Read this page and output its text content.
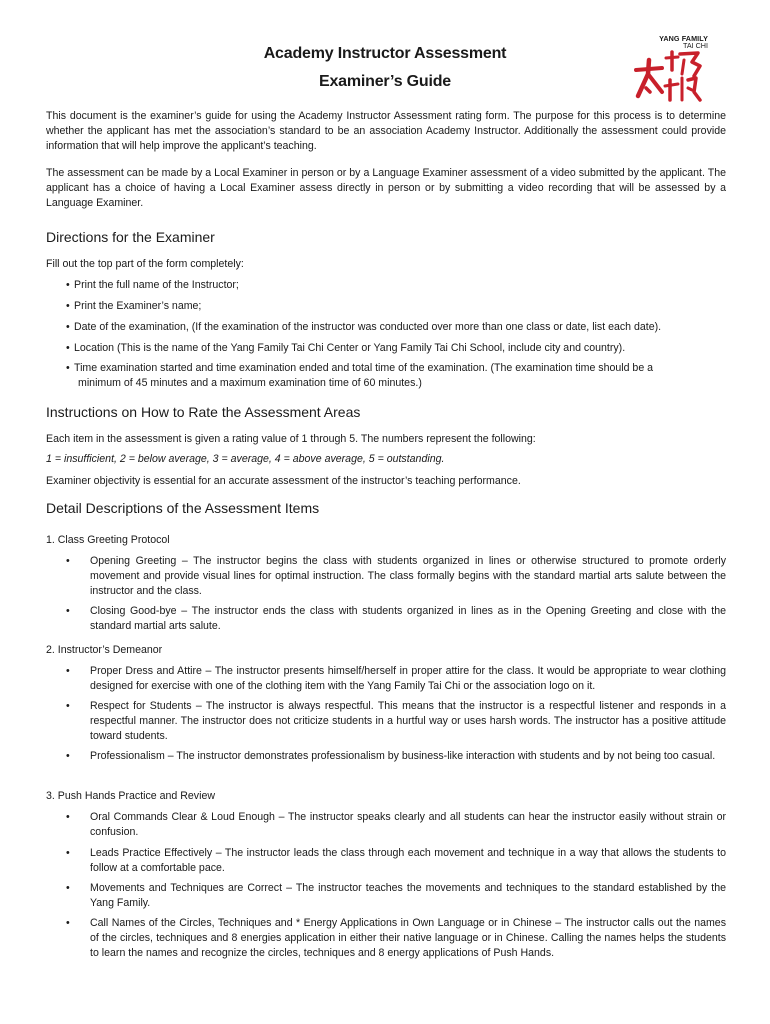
YANG FAMILY
TAI CHI
Academy Instructor Assessment
Examiner’s Guide

This document is the examiner’s guide for using the Academy Instructor Assessment rating form. The purpose for this process is to determine whether the applicant has met the association’s standard to be an association Academy Instructor. Additionally the assessment could provide information that will help improve the applicant’s teaching.

The assessment can be made by a Local Examiner in person or by a Language Examiner assessment of a video submitted by the applicant. The applicant has a choice of having a Local Examiner assess directly in person or by submitting a video recording that will be assessed by a Language Examiner.

Directions for the Examiner
Fill out the top part of the form completely:
• Print the full name of the Instructor;
• Print the Examiner’s name;
• Date of the examination, (If the examination of the instructor was conducted over more than one class or date, list each date).
• Location (This is the name of the Yang Family Tai Chi Center or Yang Family Tai Chi School, include city and country).
• Time examination started and time examination ended and total time of the examination. (The examination time should be a
minimum of 45 minutes and a maximum examination time of 60 minutes.)
Instructions on How to Rate the Assessment Areas
Each item in the assessment is given a rating value of 1 through 5. The numbers represent the following:
1 = insufficient, 2 = below average, 3 = average, 4 = above average, 5 = outstanding.
Examiner objectivity is essential for an accurate assessment of the instructor’s teaching performance.
Detail Descriptions of the Assessment Items
1. Class Greeting Protocol
•	Opening Greeting – The instructor begins the class with students organized in lines or otherwise structured to promote orderly movement and provide visual lines for optimal instruction. The class formally begins with the standard martial arts salute between the instructor and the class.
•	Closing Good-bye – The instructor ends the class with students organized in lines as in the Opening Greeting and close with the standard martial arts salute.
2. Instructor’s Demeanor
•	Proper Dress and Attire – The instructor presents himself/herself in proper attire for the class. It would be appropriate to wear clothing designed for exercise with one of the clothing item with the Yang Family Tai Chi or the association logo on it.
•	Respect for Students – The instructor is always respectful. This means that the instructor is a respectful listener and responds in a respectful manner. The instructor does not criticize students in a hurtful way or uses harsh words. The instructor has a positive attitude toward students.
•	Professionalism – The instructor demonstrates professionalism by business-like interaction with students and by not being too casual.
3. Push Hands Practice and Review
•	Oral Commands Clear & Loud Enough – The instructor speaks clearly and all students can hear the instructor easily without strain or confusion.
•	Leads Practice Effectively – The instructor leads the class through each movement and technique in a way that allows the students to follow at a comfortable pace.
•	Movements and Techniques are Correct – The instructor teaches the movements and techniques to the standard established by the Yang Family.
•	Call Names of the Circles, Techniques and * Energy Applications in Own Language or in Chinese – The instructor calls out the names of the circles, techniques and 8 energies application in either their native language or in Chinese. Calling the names helps the students to learn the names and recognize the circles, techniques and 8 energy applications of Push Hands.
